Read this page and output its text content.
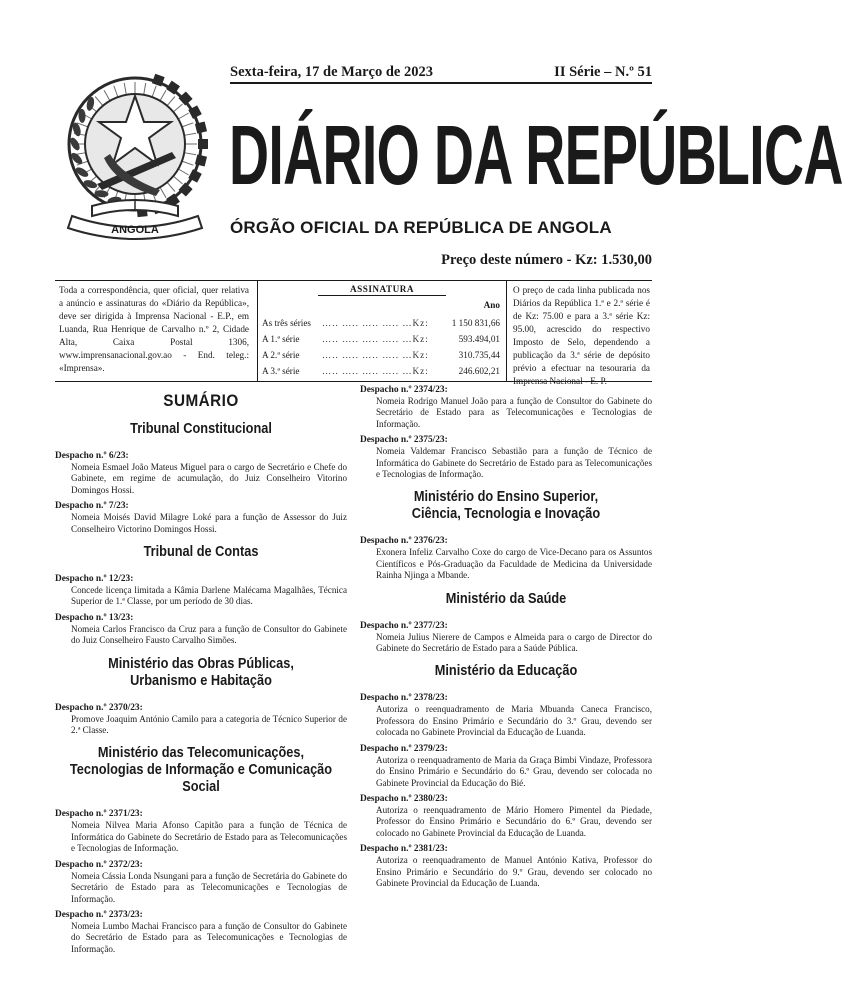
ANGOLA
Sexta-feira, 17 de Março de 2023	II Série – N.º 51
DIÁRIO DA REPÚBLICA
ÓRGÃO OFICIAL DA REPÚBLICA DE ANGOLA
Preço deste número - Kz: 1.530,00
Toda a correspondência, quer oficial, quer relativa a anúncio e assinaturas do «Diário da República», deve ser dirigida à Imprensa Nacional - E.P., em Luanda, Rua Henrique de Carvalho n.º 2, Cidade Alta, Caixa Postal 1306, www.imprensanacional.gov.ao - End. teleg.: «Imprensa».
ASSINATURA
Ano
As três séries ….. ….. ….. ….. …Kz:	1 150 831,66
A 1.ª série ….. ….. ….. ….. …Kz:	593.494,01
A 2.ª série ….. ….. ….. ….. …Kz:	310.735,44
A 3.ª série ….. ….. ….. ….. …Kz:	246.602,21
O preço de cada linha publicada nos Diários da República 1.ª e 2.ª série é de Kz: 75.00 e para a 3.ª série Kz: 95.00, acrescido do respectivo Imposto de Selo, dependendo a publicação da 3.ª série de depósito prévio a efectuar na tesouraria da Imprensa Nacional - E. P.
SUMÁRIO
Tribunal Constitucional
Despacho n.º 6/23:
Nomeia Esmael João Mateus Miguel para o cargo de Secretário e Chefe do Gabinete, em regime de acumulação, do Juiz Conselheiro Vitorino Domingos Hossi.
Despacho n.º 7/23:
Nomeia Moisés David Milagre Loké para a função de Assessor do Juiz Conselheiro Victorino Domingos Hossi.
Tribunal de Contas
Despacho n.º 12/23:
Concede licença limitada a Kâmia Darlene Malécama Magalhães, Técnica Superior de 1.ª Classe, por um período de 30 dias.
Despacho n.º 13/23:
Nomeia Carlos Francisco da Cruz para a função de Consultor do Gabinete do Juiz Conselheiro Fausto Carvalho Simões.
Ministério das Obras Públicas, Urbanismo e Habitação
Despacho n.º 2370/23:
Promove Joaquim António Camilo para a categoria de Técnico Superior de 2.ª Classe.
Ministério das Telecomunicações, Tecnologias de Informação e Comunicação Social
Despacho n.º 2371/23:
Nomeia Nilvea Maria Afonso Capitão para a função de Técnica de Informática do Gabinete do Secretário de Estado para as Telecomunicações e Tecnologias de Informação.
Despacho n.º 2372/23:
Nomeia Cássia Londa Nsungani para a função de Secretária do Gabinete do Secretário de Estado para as Telecomunicações e Tecnologias de Informação.
Despacho n.º 2373/23:
Nomeia Lumbo Machai Francisco para a função de Consultor do Gabinete do Secretário de Estado para as Telecomunicações e Tecnologias de Informação.
Despacho n.º 2374/23:
Nomeia Rodrigo Manuel João para a função de Consultor do Gabinete do Secretário de Estado para as Telecomunicações e Tecnologias de Informação.
Despacho n.º 2375/23:
Nomeia Valdemar Francisco Sebastião para a função de Técnico de Informática do Gabinete do Secretário de Estado para as Telecomunicações e Tecnologias de Informação.
Ministério do Ensino Superior, Ciência, Tecnologia e Inovação
Despacho n.º 2376/23:
Exonera Infeliz Carvalho Coxe do cargo de Vice-Decano para os Assuntos Científicos e Pós-Graduação da Faculdade de Medicina da Universidade Rainha Njinga a Mbande.
Ministério da Saúde
Despacho n.º 2377/23:
Nomeia Julius Nierere de Campos e Almeida para o cargo de Director do Gabinete do Secretário de Estado para a Saúde Pública.
Ministério da Educação
Despacho n.º 2378/23:
Autoriza o reenquadramento de Maria Mbuanda Caneca Francisco, Professora do Ensino Primário e Secundário do 3.º Grau, devendo ser colocada no Gabinete Provincial da Educação de Luanda.
Despacho n.º 2379/23:
Autoriza o reenquadramento de Maria da Graça Bimbi Vindaze, Professora do Ensino Primário e Secundário do 6.º Grau, devendo ser colocada no Gabinete Provincial da Educação do Bié.
Despacho n.º 2380/23:
Autoriza o reenquadramento de Mário Homero Pimentel da Piedade, Professor do Ensino Primário e Secundário do 6.º Grau, devendo ser colocado no Gabinete Provincial da Educação de Luanda.
Despacho n.º 2381/23:
Autoriza o reenquadramento de Manuel António Kativa, Professor do Ensino Primário e Secundário do 9.º Grau, devendo ser colocado no Gabinete Provincial da Educação de Luanda.
